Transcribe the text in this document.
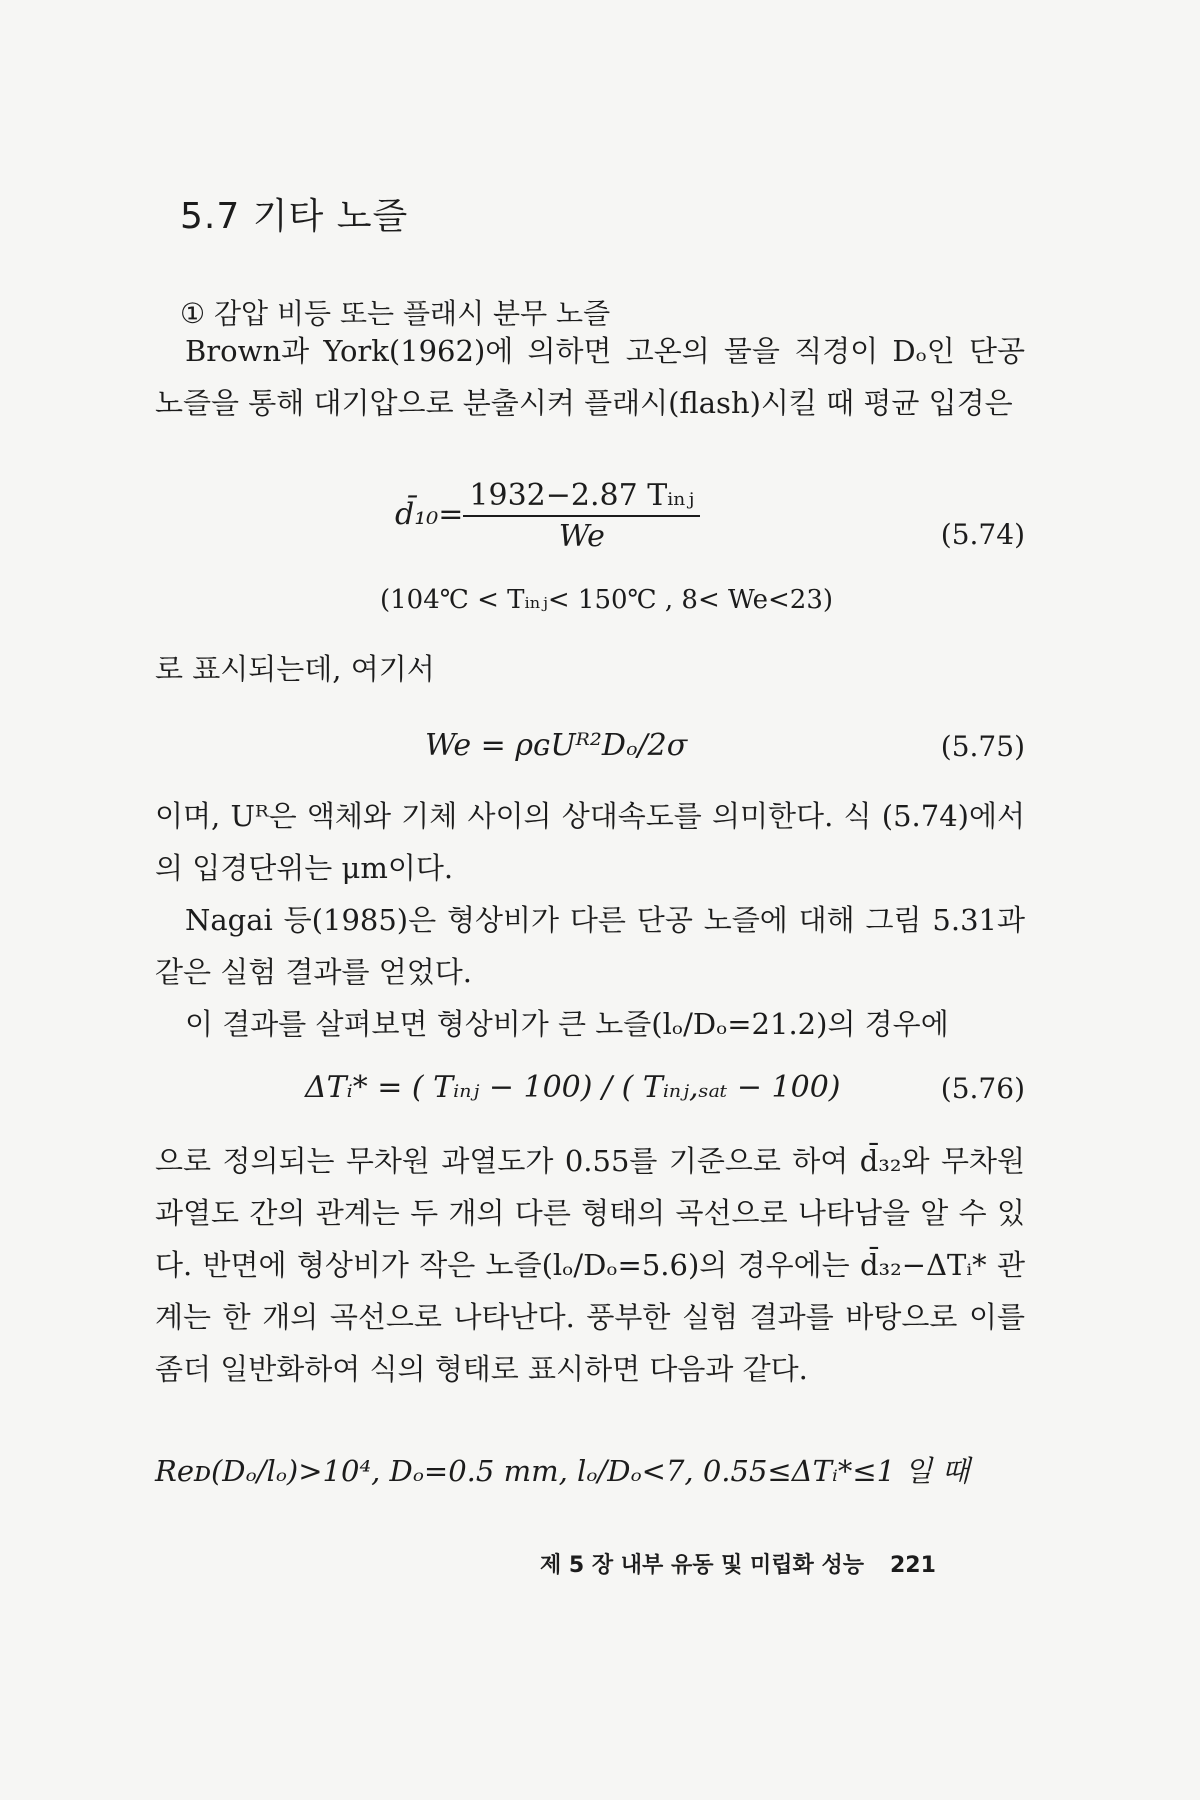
5.7 기타 노즐
① 감압 비등 또는 플래시 분무 노즐

Brown과 York(1962)에 의하면 고온의 물을 직경이 Dₒ인 단공 노즐을 통해 대기압으로 분출시켜 플래시(flash)시킬 때 평균 입경은

d̄₁₀= $\frac{\text{1932−2.87 Tᵢₙⱼ}}{We}$	(5.74)
(104℃ < Tᵢₙⱼ< 150℃ , 8< We<23)

로 표시되는데, 여기서

We = ρɢUᴿ²Dₒ/2σ	(5.75)

이며, Uᴿ은 액체와 기체 사이의 상대속도를 의미한다. 식 (5.74)에서의 입경단위는 μm이다.

Nagai 등(1985)은 형상비가 다른 단공 노즐에 대해 그림 5.31과 같은 실험 결과를 얻었다.

이 결과를 살펴보면 형상비가 큰 노즐(lₒ/Dₒ=21.2)의 경우에

ΔTᵢ* = ( Tᵢₙⱼ − 100) / ( Tᵢₙⱼ,ₛₐₜ − 100)	(5.76)

으로 정의되는 무차원 과열도가 0.55를 기준으로 하여 d̄₃₂와 무차원 과열도 간의 관계는 두 개의 다른 형태의 곡선으로 나타남을 알 수 있다. 반면에 형상비가 작은 노즐(lₒ/Dₒ=5.6)의 경우에는 d̄₃₂−ΔTᵢ* 관계는 한 개의 곡선으로 나타난다. 풍부한 실험 결과를 바탕으로 이를 좀더 일반화하여 식의 형태로 표시하면 다음과 같다.

Reᴅ(Dₒ/lₒ)>10⁴, Dₒ=0.5 mm, lₒ/Dₒ<7, 0.55≤ΔTᵢ*≤1 일 때

제 5 장 내부 유동 및 미립화 성능 221
